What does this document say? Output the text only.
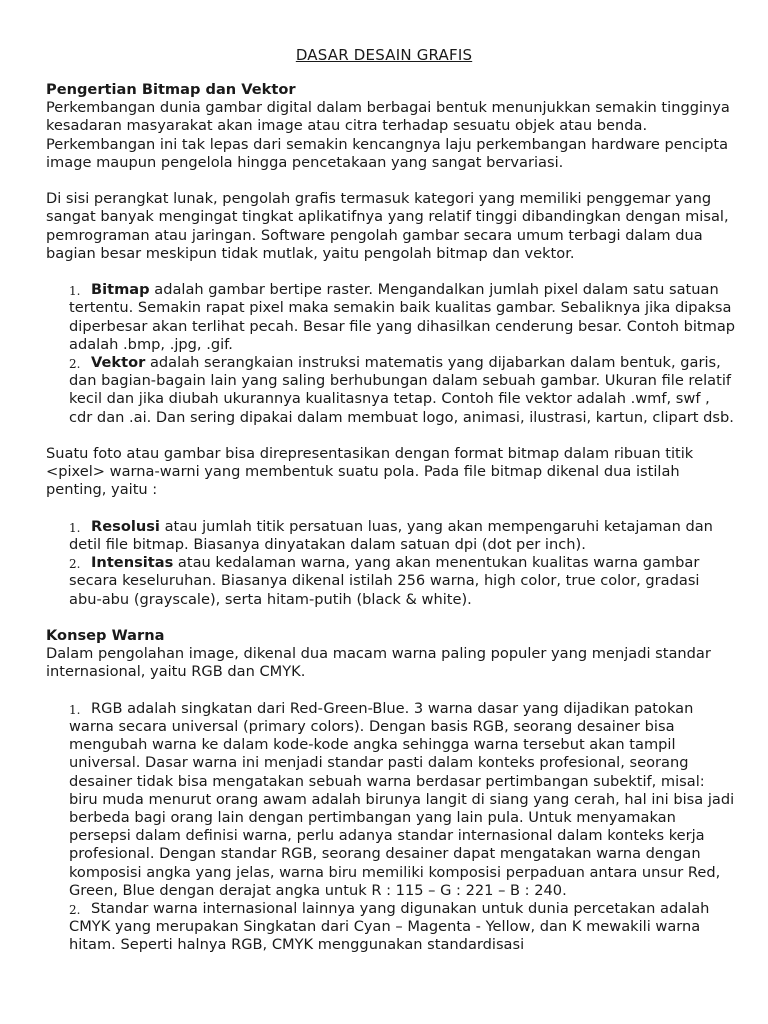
DASAR DESAIN GRAFIS
Pengertian Bitmap dan Vektor

Perkembangan dunia gambar digital dalam berbagai bentuk menunjukkan semakin tingginya kesadaran masyarakat akan image atau citra terhadap sesuatu objek atau benda. Perkembangan ini tak lepas dari semakin kencangnya laju perkembangan hardware pencipta image maupun pengelola hingga pencetakaan yang sangat bervariasi.

Di sisi perangkat lunak, pengolah grafis termasuk kategori yang memiliki penggemar yang sangat banyak mengingat tingkat aplikatifnya yang relatif tinggi dibandingkan dengan misal, pemrograman atau jaringan. Software pengolah gambar secara umum terbagi dalam dua bagian besar meskipun tidak mutlak, yaitu pengolah bitmap dan vektor.

1. Bitmap adalah gambar bertipe raster. Mengandalkan jumlah pixel dalam satu satuan tertentu. Semakin rapat pixel maka semakin baik kualitas gambar. Sebaliknya jika dipaksa diperbesar akan terlihat pecah. Besar file yang dihasilkan cenderung besar. Contoh bitmap adalah .bmp, .jpg, .gif.
2. Vektor adalah serangkaian instruksi matematis yang dijabarkan dalam bentuk, garis, dan bagian-bagain lain yang saling berhubungan dalam sebuah gambar. Ukuran file relatif kecil dan jika diubah ukurannya kualitasnya tetap. Contoh file vektor adalah .wmf, swf , cdr dan .ai. Dan sering dipakai dalam membuat logo, animasi, ilustrasi, kartun, clipart dsb.

Suatu foto atau gambar bisa direpresentasikan dengan format bitmap dalam ribuan titik <pixel> warna-warni yang membentuk suatu pola. Pada file bitmap dikenal dua istilah penting, yaitu :

1. Resolusi atau jumlah titik persatuan luas, yang akan mempengaruhi ketajaman dan detil file bitmap. Biasanya dinyatakan dalam satuan dpi (dot per inch).
2. Intensitas atau kedalaman warna, yang akan menentukan kualitas warna gambar secara keseluruhan. Biasanya dikenal istilah 256 warna, high color, true color, gradasi abu-abu (grayscale), serta hitam-putih (black & white).
Konsep Warna

Dalam pengolahan image, dikenal dua macam warna paling populer yang menjadi standar internasional, yaitu RGB dan CMYK.

1. RGB adalah singkatan dari Red-Green-Blue. 3 warna dasar yang dijadikan patokan warna secara universal (primary colors). Dengan basis RGB, seorang desainer bisa mengubah warna ke dalam kode-kode angka sehingga warna tersebut akan tampil universal. Dasar warna ini menjadi standar pasti dalam konteks profesional, seorang desainer tidak bisa mengatakan sebuah warna berdasar pertimbangan subektif, misal: biru muda menurut orang awam adalah birunya langit di siang yang cerah, hal ini bisa jadi berbeda bagi orang lain dengan pertimbangan yang lain pula. Untuk menyamakan persepsi dalam definisi warna, perlu adanya standar internasional dalam konteks kerja profesional. Dengan standar RGB, seorang desainer dapat mengatakan warna dengan komposisi angka yang jelas, warna biru memiliki komposisi perpaduan antara unsur Red, Green, Blue dengan derajat angka untuk R : 115 – G : 221 – B : 240.
2. Standar warna internasional lainnya yang digunakan untuk dunia percetakan adalah CMYK yang merupakan Singkatan dari Cyan – Magenta - Yellow, dan K mewakili warna hitam. Seperti halnya RGB, CMYK menggunakan standardisasi
